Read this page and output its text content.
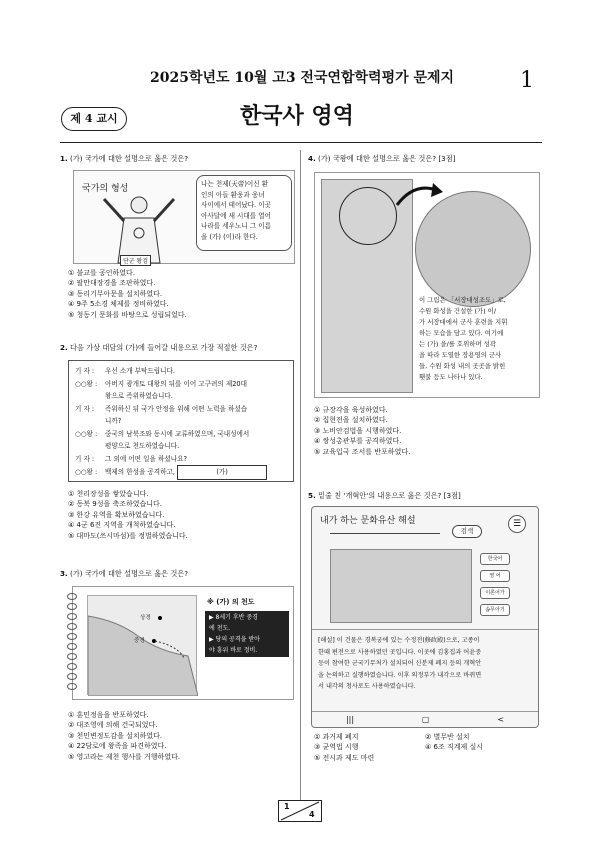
2025학년도 10월 고3 전국연합학력평가 문제지	1
제 4 교시	한국사 영역
1. (가) 국가에 대한 설명으로 옳은 것은?
국가의 형성
단군 왕검
나는 천제(天帝)이신 환
인의 아들 환웅과 웅녀
사이에서 태어났다. 이곳
아사달에 새 시대를 열어
나라를 세우노니 그 이름
을 (가) (이)라 한다.
① 불교를 공인하였다.
② 팔만대장경을 조판하였다.
③ 동리기무아문을 설치하였다.
④ 9주 5소경 체제를 정비하였다.
⑤ 청동기 문화를 바탕으로 성립되었다.
2. 다음 가상 대담의 (가)에 들어갈 내용으로 가장 적절한 것은?
기 자 : 우선 소개 부탁드립니다.
○○왕 : 아버지 광개토 대왕의 뒤를 이어 고구려의 제20대
왕으로 즉위하였습니다.
기 자 : 즉위하신 뒤 국가 안정을 위해 어떤 노력을 하셨습
니까?
○○왕 : 중국의 남북조와 동시에 교류하였으며, 국내성에서
평양으로 천도하였습니다.
기 자 : 그 외에 어떤 일을 하셨나요?
○○왕 : 백제의 한성을 공격하고,	(가)
① 천리장성을 쌓았습니다.
② 동북 9성을 축조하였습니다.
③ 한강 유역을 확보하였습니다.
④ 4군 6진 지역을 개척하였습니다.
⑤ 대마도(쓰시마섬)를 정벌하였습니다.
3. (가) 국가에 대한 설명으로 옳은 것은?
상경
중경
※ (가) 의 천도
▶ 8세기 후반 중경
에 천도.
▶ 당의 공격을 받아
야 흥위 바로 정비.
① 훈민정음을 반포하였다.
② 대조영에 의해 건국되었다.
③ 천민변정도감을 설치하였다.
④ 22담로에 왕족을 파견하였다.
⑤ 영고라는 제천 행사를 거행하였다.
4. (가) 국왕에 대한 설명으로 옳은 것은? [3점]
이 그림은 「서장대성조도」로,
수원 화성을 건설한 (가) 이/
가 서장대에서 군사 훈련을 지휘
하는 모습을 담고 있다. 여기에
는 (가) 을/를 호위하며 성곽
을 따라 도열한 장용영의 군사
들, 수원 화성 내의 곳곳을 밝힌
횃불 등도 나타나 있다.
① 규장각을 육성하였다.
② 집현전을 설치하였다.
③ 노비안검법을 시행하였다.
④ 쌍성총관부를 공격하였다.
⑤ 교육입국 조서를 반포하였다.
5. 밑줄 친 '개혁안'의 내용으로 옳은 것은? [3점]
내가 하는 문화유산 해설	☰
검색
한국어
영 어
이론어가
솜무아기
[해설] 이 건물은 경복궁에 있는 수정전(修政殿)으로, 고종이
한때 편전으로 사용하였던 곳입니다. 이곳에 김홍집과 어윤중
등이 참여한 군국기무처가 설치되어 신분제 폐지 등의 개혁안
을 논의하고 실행하였습니다. 이후 의정부가 내각으로 바뀌면
서 내각의 청사로도 사용하였습니다.
|||	▢	<
① 과거제 폐지
③ 균역법 시행
⑤ 전시과 제도 마련
② 별무반 설치
④ 6조 직계제 실시
1
4
